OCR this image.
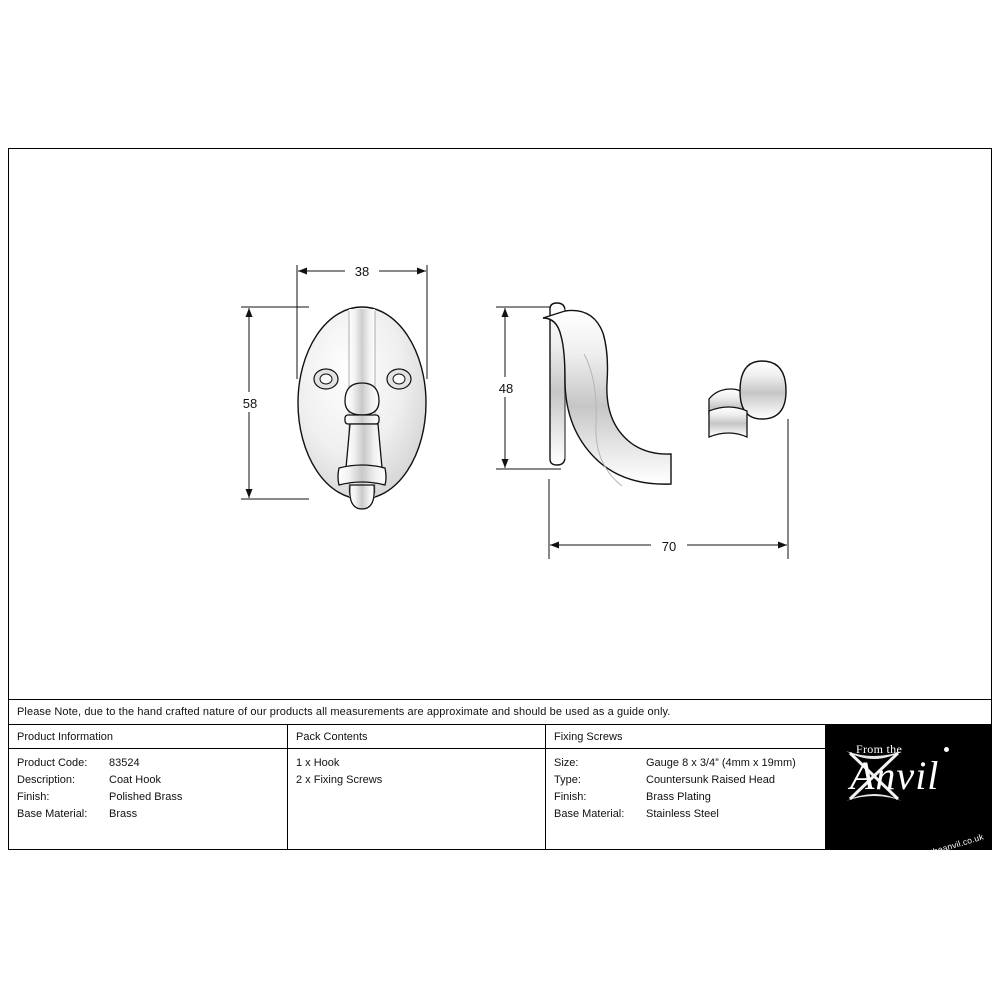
38
58
48
70
Please Note, due to the hand crafted nature of our products all measurements are approximate and should be used as a guide only.
Product Information
Product Code:	83524
Description:	Coat Hook
Finish:	Polished Brass
Base Material:	Brass
Pack Contents
1 x Hook
2 x Fixing Screws
Fixing Screws
Size:	Gauge 8 x 3/4” (4mm x 19mm)
Type:	Countersunk Raised Head
Finish:	Brass Plating
Base Material:	Stainless Steel
From the
Anvil
www.fromtheanvil.co.uk
